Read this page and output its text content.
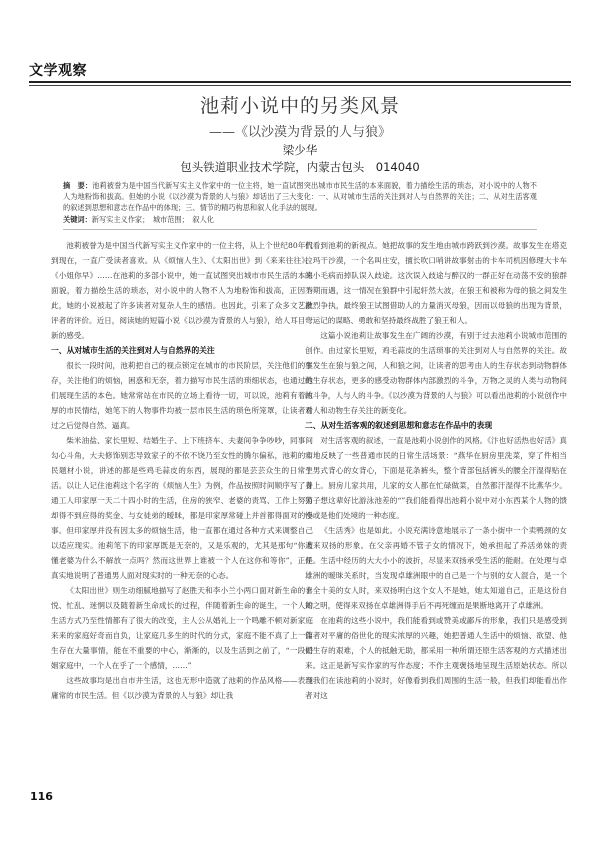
文学观察
池莉小说中的另类风景
——《以沙漠为背景的人与狼》
梁少华
包头铁道职业技术学院，内蒙古包头　014040
摘　要：池莉被誉为是中国当代新写实主义作家中的一位主将，她一直试图突出城市市民生活的本来面貌，着力描绘生活的琐态，对小说中的人物不人为地粉饰和拔高。但她的小说《以沙漠为背景的人与狼》却话出了三大变化：一、从对城市生活的关注到对人与自然界的关注；二、从对生活客观的叙述到思想和意志在作品中的体现；三、情节的精巧构思和叙人化手法的展现。
关键词：新写实主义作家；　城市范围；　叙人化

池莉被誉为是中国当代新写实主义作家中的一位主将，从上个世纪80年代到现在，一直广受读者喜欢。从《烦恼人生》、《太阳出世》到《来来往往》、《小姐你早》……在池莉的多部小说中，她一直试图突出城市市民生活的本来面貌，着力描绘生活的琐态，对小说中的人物不人为地粉饰和拔高，正因为此，她的小说被起了许多读者对复杂人生的感悟。也因此，引来了众多文艺批评者的评价。近日，阅读她的短篇小说《以沙漠为背景的人与狼》，给人耳目一新的感受。

一、从对城市生活的关注到对人与自然界的关注

很长一段时间，池莉把自己的视点锁定在城市的市民阶层，关注他们的生存，关注他们的烦恼，困惑和无奈，着力描写市民生活的琐细状态，也通过他们展现生活的本色。她常常站在市民的立场上看待一切，可以说，池莉有着浓厚的市民情结，她笔下的人物事件均被一层市民生活的琐色所笼罩，让读者看过之后觉得自然、逼真。

柴米油盐、家长里短、结婚生子、上下班挤车、夫妻间争争吵吵，同事间勾心斗角，大夫修饰别恋导致家子的不依不饶乃至女性的腾尔偏私，池莉的市民题材小说，讲述的都是些鸡毛蒜皮的东西，展现的都是芸芸众生的日常生活。以让人记住池莉这个名字的《烦恼人生》为例，作品按照时间顺序写了普通工人印家厚一天二十四小时的生活，住房的狭窄、老婆的责骂、工作上努力却得不到应得的奖金、与女徒弟的暧昧，都是印家厚常碰上并首都得面对的小事。但印家厚并没有因太多的烦恼生活，他一直都在通过各种方式来调整自己以适应现实。池莉笔下的印家厚既是无奈的，又是乐观的，尤其是那句“你遭懂老婆为什么不解放一点吗？然而这世界上谁被一个人在这你和等你”，正是真实地说明了普通男人面对现实时的一种无奈的心态。

《太阳出世》则生动细腻地描写了赵胜天和李小兰小两口面对新生命的喜悦、忙乱、迷惘以及随着新生命成长的过程，伴随着新生命的诞生，一个人的生活方式乃至性情都有了很大的改变，主人公从婚礼上一个鸣雕不顿对新家庭来来的家庭好奇而自负，让家庭几多生的时代的分式，家庭不能不真了上一篇生存在大量事情，能在不重要的中心，渐渐的，以及生活到之前了，“一段婚姻家庭中，一个人在乎了一个感情，……”

这些故事均是出自市井生活，这也无形中造就了池莉的作品风格——表现庸常的市民生活。但《以沙漠为背景的人与狼》却让我

们看到池莉的新视点。她把故事的发生地由城市跨跃到沙漠。故事发生在塔克拉玛干沙漠，一个名叫庄安，擅长吹口哨讲故事射击的卡车司机因修理大卡车的小毛病而掉队误入歧途。这次误入歧途与醉汉的一群正好在动荡不安的狼群不期而遇，这一情况在狼群中引起轩然大波，在狼王和被称为母的狼之间发生激烈争执，最终狼王试图借助人的力量消灭母狼，因而以母狼的出现为背景，弯运记的谋略、勇敢和坚持最终战胜了狼王和人。

这篇小说池莉让故事发生在广阔的沙漠，有别于过去池莉小说城市范围的创作。由过家长里短，鸡毛蒜皮的生活琐事的关注到对人与自然界的关注。故事发生在狼与狼之间，人和狼之间，让读者的思考由人的生存状态到动物群体的生存状态，更多的感受动物群体内部激烈的斗争，万物之灵的人类与动物间的斗争，人与人的斗争。《以沙漠为背景的人与狼》可以看出池莉的小说创作中对人和动物生存关注的新变化。

二、从对生活客观的叙述到思想和意志在作品中的表现

对生活客观的叙述，一直是池莉小说创作的风格。《汴也好活热也好活》真实地反映了一些普通市民的日常生活场景：“燕华在厨房里洗菜，穿了件相当于男式背心的女背心，下面是花条裤头，整个背部包括裤头的腰全汗湿得贴在身上。厨房儿家共用，儿家的女人都在忙碌做菜，自然都汗湿得不比燕华少。猫子想这辈好比游泳池差的“”我们能看得出池莉小说中对小东西某个人物的馈慢或是他们处境的一种态度。

《生活秀》也是如此。小说充满诗意地展示了一条小街中一个卖鸭颈的女人来双扬的形象。在父亲再婚不管子女的情况下，她承担起了养活弟妹的责任。生活中经历的大大小小的波折，尽显来双扬承受生活的能耐。在处理与卓雄洲的暧昧关系时，当发现卓雄洲眼中的自己是一个与别的女人混合，是一个十全十美的女人时，来双扬明白这个女人不是她，她太知道自己，正是这份自知之明，使得来双扬在卓雄洲得手后不再死缠而是果断地离开了卓雄洲。

在池莉的这些小说中，我们能看到或赞美或鄙斥的形象，我们只是感受到作者对平庸的俗世化的现实浓厚的兴趣，她把普通人生活中的烦恼、欲望、他们生存的艰难，个人的抵触无助，都采用一种所谓还原生活客观的方式描述出来。这正是新写实作家的写作态度；不作主观褒扬地呈现生活原始状态。所以当我们在读池莉的小说时，好像看到我们周围的生活一般，但我们却能看出作者对这

116
